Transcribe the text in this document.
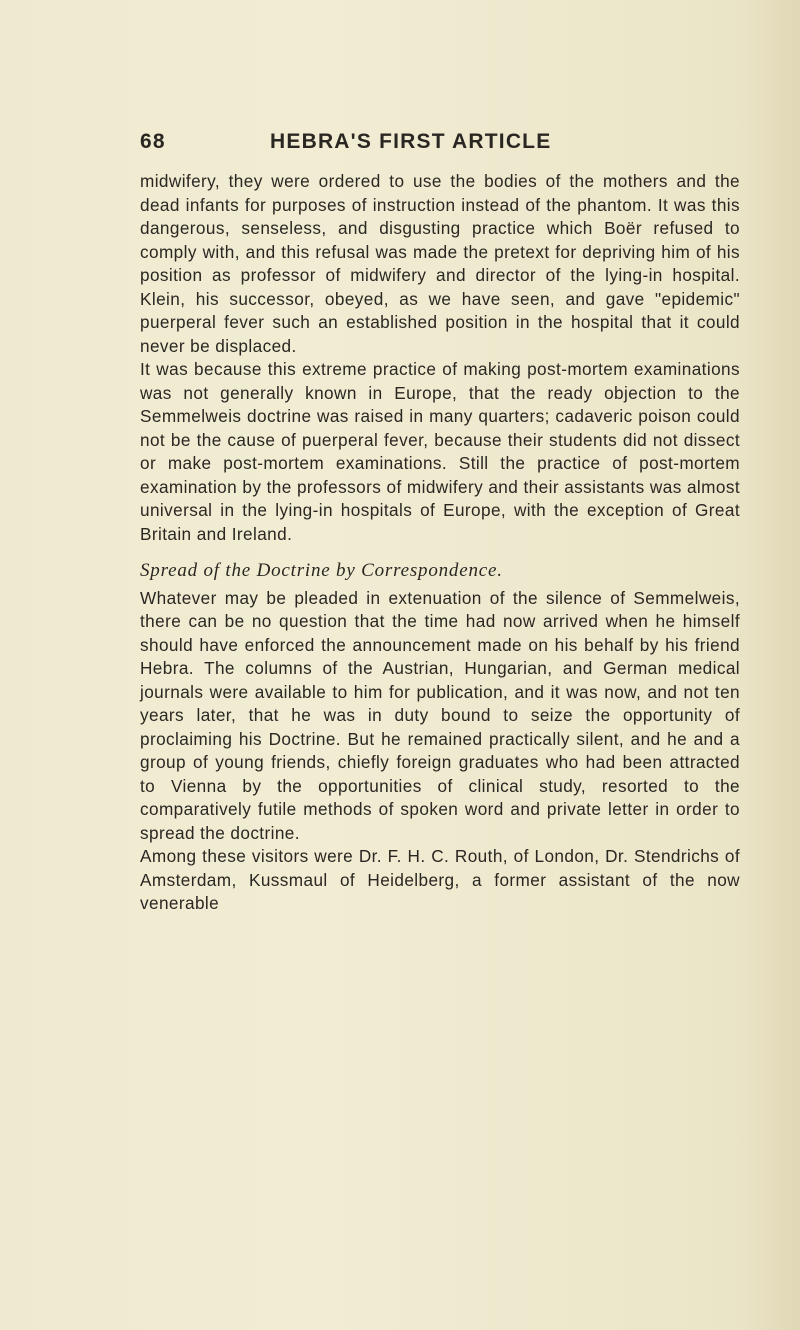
68	HEBRA'S FIRST ARTICLE

midwifery, they were ordered to use the bodies of the mothers and the dead infants for purposes of instruction instead of the phantom. It was this dangerous, senseless, and disgusting practice which Boër refused to comply with, and this refusal was made the pretext for depriving him of his position as professor of midwifery and director of the lying-in hospital. Klein, his successor, obeyed, as we have seen, and gave "epidemic" puerperal fever such an established position in the hospital that it could never be displaced.

It was because this extreme practice of making post-mortem examinations was not generally known in Europe, that the ready objection to the Semmelweis doctrine was raised in many quarters; cadaveric poison could not be the cause of puerperal fever, because their students did not dissect or make post-mortem examinations. Still the practice of post-mortem examination by the professors of midwifery and their assistants was almost universal in the lying-in hospitals of Europe, with the exception of Great Britain and Ireland.

Spread of the Doctrine by Correspondence.

Whatever may be pleaded in extenuation of the silence of Semmelweis, there can be no question that the time had now arrived when he himself should have enforced the announcement made on his behalf by his friend Hebra. The columns of the Austrian, Hungarian, and German medical journals were available to him for publication, and it was now, and not ten years later, that he was in duty bound to seize the opportunity of proclaiming his Doctrine. But he remained practically silent, and he and a group of young friends, chiefly foreign graduates who had been attracted to Vienna by the opportunities of clinical study, resorted to the comparatively futile methods of spoken word and private letter in order to spread the doctrine.

Among these visitors were Dr. F. H. C. Routh, of London, Dr. Stendrichs of Amsterdam, Kussmaul of Heidelberg, a former assistant of the now venerable
